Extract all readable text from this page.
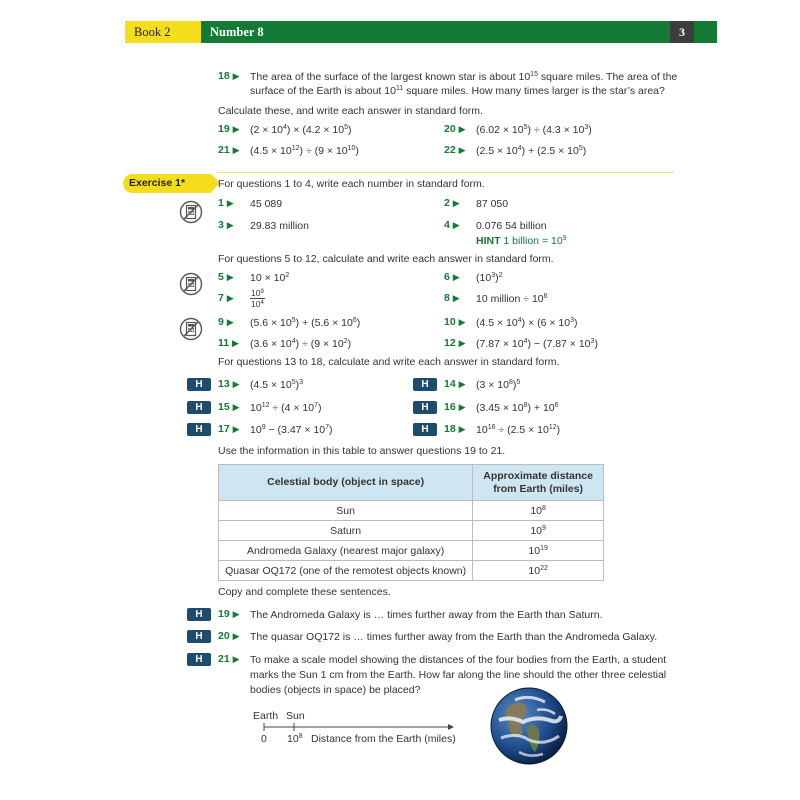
Book 2	Number 8	3
18 ▶ The area of the surface of the largest known star is about $10^{15}$ square miles. The area of the
surface of the Earth is about $10^{11}$ square miles. How many times larger is the star’s area?
Calculate these, and write each answer in standard form.
19 ▶ $(2 \times 10^4) \times (4.2 \times 10^5)$	20 ▶ $(6.02 \times 10^5) \div (4.3 \times 10^3)$
21 ▶ $(4.5 \times 10^{12}) \div (9 \times 10^{10})$	22 ▶ $(2.5 \times 10^4) + (2.5 \times 10^5)$
Exercise 1*	For questions 1 to 4, write each number in standard form.
1 ▶ 45 089	2 ▶ 87 050
3 ▶ 29.83 million	4 ▶ 0.076 54 billion
HINT 1 billion = $10^9$
For questions 5 to 12, calculate and write each answer in standard form.
5 ▶ $10 \times 10^2$	6 ▶ $(10^3)^2$
7 ▶ $10^9$
$10^4$	8 ▶ 10 million ÷ $10^6$
9 ▶ $(5.6 \times 10^5) + (5.6 \times 10^6)$	10 ▶ $(4.5 \times 10^4) \times (6 \times 10^3)$
11 ▶ $(3.6 \times 10^4) \div (9 \times 10^2)$	12 ▶ $(7.87 \times 10^4) - (7.87 \times 10^3)$
For questions 13 to 18, calculate and write each answer in standard form.
H	13 ▶ $(4.5 \times 10^5)^3$	H	14 ▶ $(3 \times 10^8)^5$
H	15 ▶ $10^{12} \div (4 \times 10^7)$	H	16 ▶ $(3.45 \times 10^8) + 10^6$
H	17 ▶ $10^9 - (3.47 \times 10^7)$	H	18 ▶ $10^{16} \div (2.5 \times 10^{12})$
Use the information in this table to answer questions 19 to 21.
Celestial body (object in space)	Approximate distance
from Earth (miles)
Sun	$10^8$
Saturn	$10^9$
Andromeda Galaxy (nearest major galaxy)	$10^{19}$
Quasar OQ172 (one of the remotest objects known)	$10^{22}$
Copy and complete these sentences.
H	19 ▶ The Andromeda Galaxy is … times further away from the Earth than Saturn.
H	20 ▶ The quasar OQ172 is … times further away from the Earth than the Andromeda Galaxy.
H	21 ▶ To make a scale model showing the distances of the four bodies from the Earth, a student
marks the Sun 1 cm from the Earth. How far along the line should the other three celestial
bodies (objects in space) be placed?
Earth Sun
0 $10^8$ Distance from the Earth (miles)
